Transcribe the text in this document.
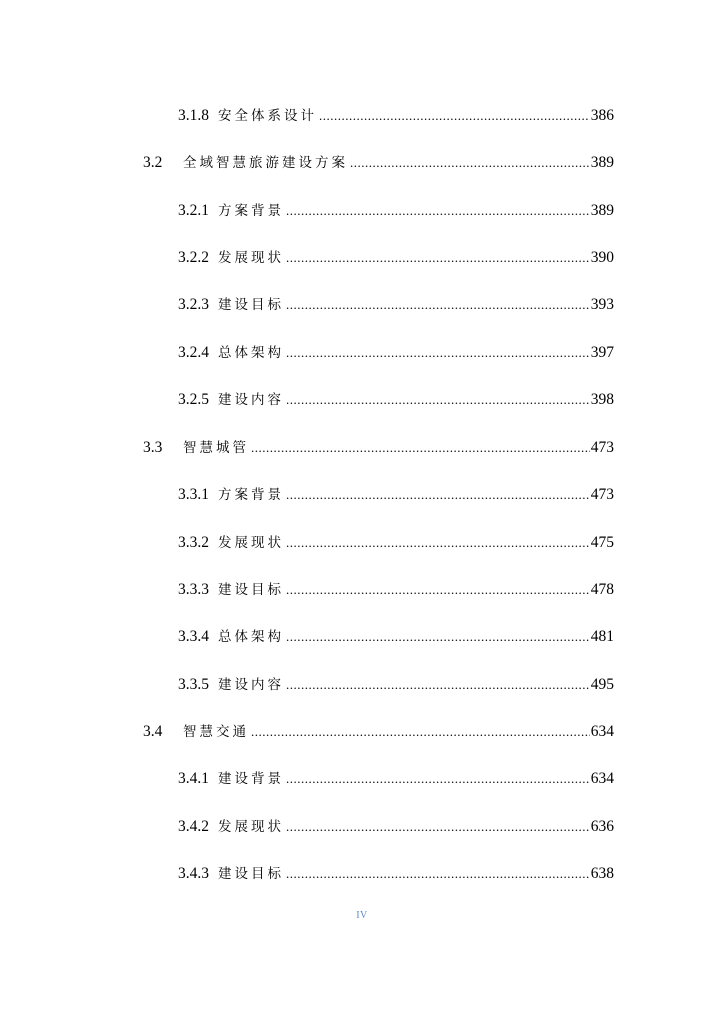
3.1.8 安全体系设计 .....	386
3.2	全域智慧旅游建设方案 .....	389
3.2.1 方案背景 .....	389
3.2.2 发展现状 .....	390
3.2.3 建设目标 .....	393
3.2.4 总体架构 .....	397
3.2.5 建设内容 .....	398
3.3	智慧城管 .....	473
3.3.1 方案背景 .....	473
3.3.2 发展现状 .....	475
3.3.3 建设目标 .....	478
3.3.4 总体架构 .....	481
3.3.5 建设内容 .....	495
3.4	智慧交通 .....	634
3.4.1 建设背景 .....	634
3.4.2 发展现状 .....	636
3.4.3 建设目标 .....	638
IV
